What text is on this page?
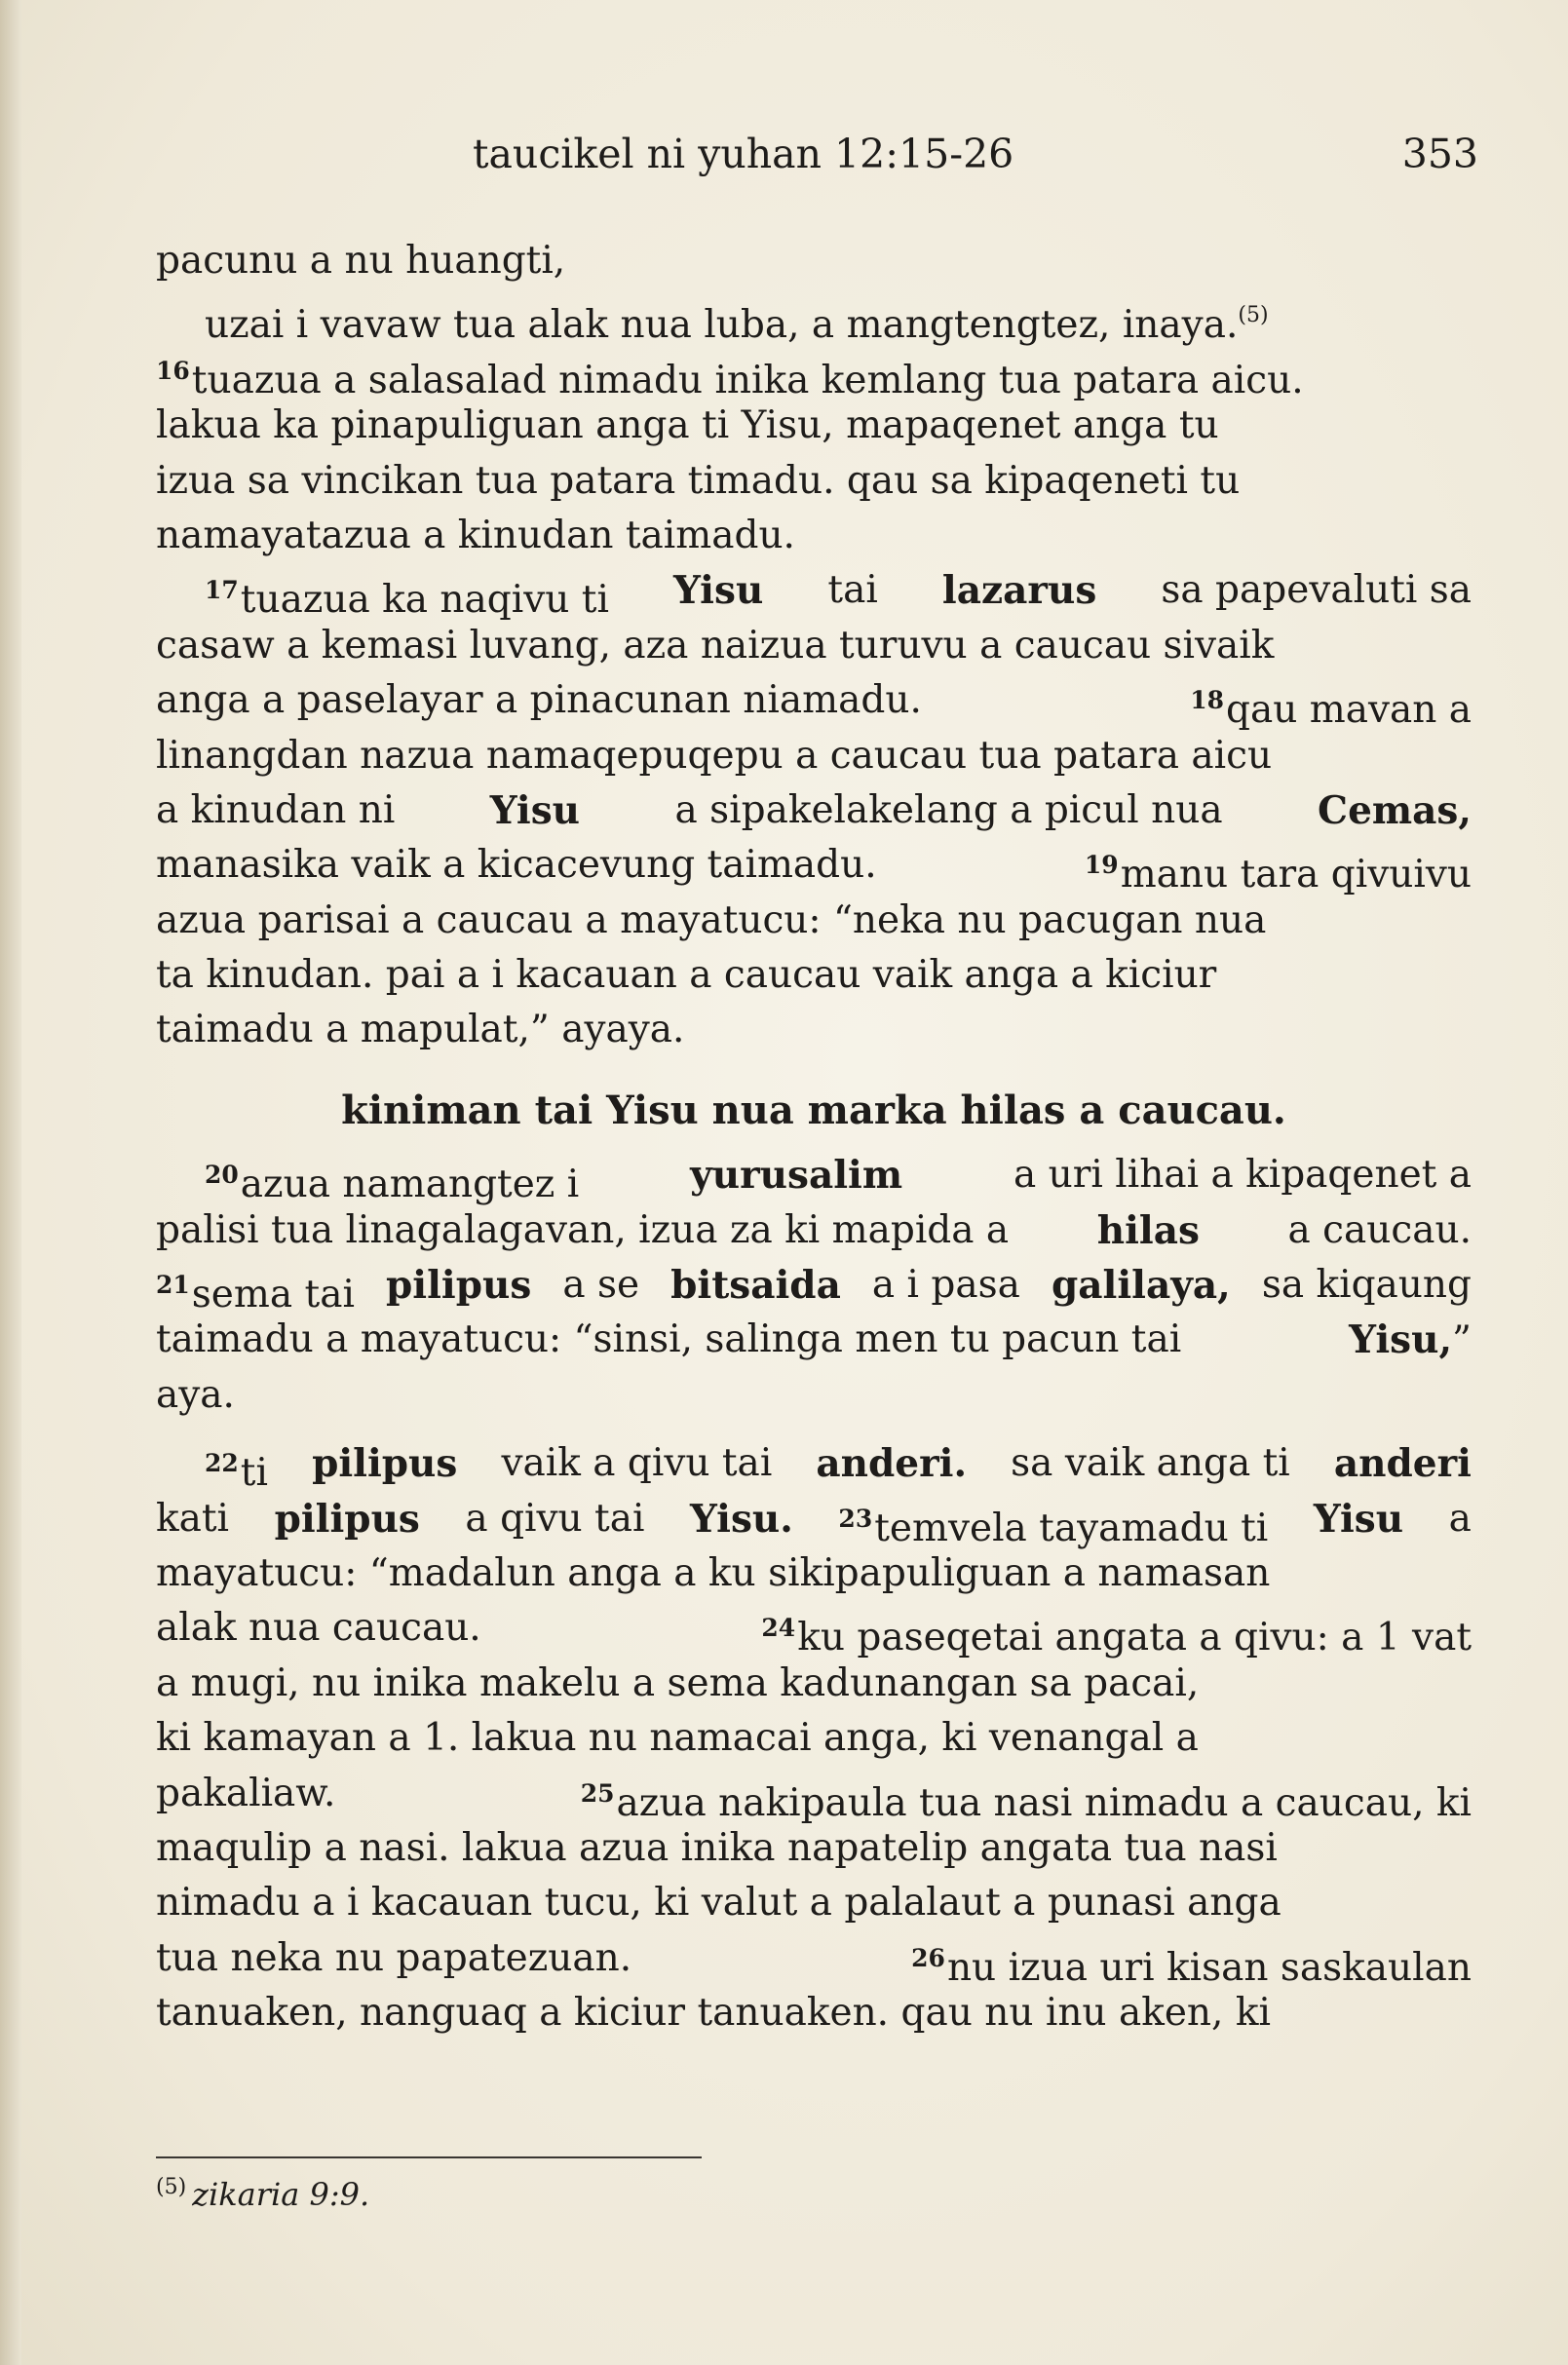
taucikel ni yuhan 12:15-26	353
pacunu a nu huangti,
uzai i vavaw tua alak nua luba, a mangtengtez, inaya.$^{(5)}$
$^{16}$tuazua a salasalad nimadu inika kemlang tua patara aicu.
lakua ka pinapuliguan anga ti Yisu, mapaqenet anga tu
izua sa vincikan tua patara timadu. qau sa kipaqeneti tu
namayatazua a kinudan taimadu.
$^{17}$tuazua ka naqivu ti Yisu tai lazarus sa papevaluti sa
casaw a kemasi luvang, aza naizua turuvu a caucau sivaik
anga a paselayar a pinacunan niamadu.	$^{18}$qau mavan a
linangdan nazua namaqepuqepu a caucau tua patara aicu
a kinudan ni Yisu a sipakelakelang a picul nua Cemas,
manasika vaik a kicacevung taimadu.	$^{19}$manu tara qivuivu
azua parisai a caucau a mayatucu: “neka nu pacugan nua
ta kinudan. pai a i kacauan a caucau vaik anga a kiciur
taimadu a mapulat,” ayaya.
kiniman tai Yisu nua marka hilas a caucau.
$^{20}$azua namangtez i	yurusalim	a uri lihai a kipaqenet a
palisi tua linagalagavan, izua za ki mapida a hilas a caucau.
$^{21}$sema tai pilipus a se bitsaida a i pasa galilaya, sa kiqaung
taimadu a mayatucu: “sinsi, salinga men tu pacun tai	Yisu,”
aya.
$^{22}$ti pilipus vaik a qivu tai anderi. sa vaik anga ti anderi
kati pilipus a qivu tai Yisu. $^{23}$temvela tayamadu ti Yisu a
mayatucu: “madalun anga a ku sikipapuliguan a namasan
alak nua caucau.	$^{24}$ku paseqetai angata a qivu: a 1 vat
a mugi, nu inika makelu a sema kadunangan sa pacai,
ki kamayan a 1. lakua nu namacai anga, ki venangal a
pakaliaw.	$^{25}$azua nakipaula tua nasi nimadu a caucau, ki
maqulip a nasi. lakua azua inika napatelip angata tua nasi
nimadu a i kacauan tucu, ki valut a palalaut a punasi anga
tua neka nu papatezuan.	$^{26}$nu izua uri kisan saskaulan
tanuaken, nanguaq a kiciur tanuaken. qau nu inu aken, ki
$^{(5)}$ zikaria 9:9.
